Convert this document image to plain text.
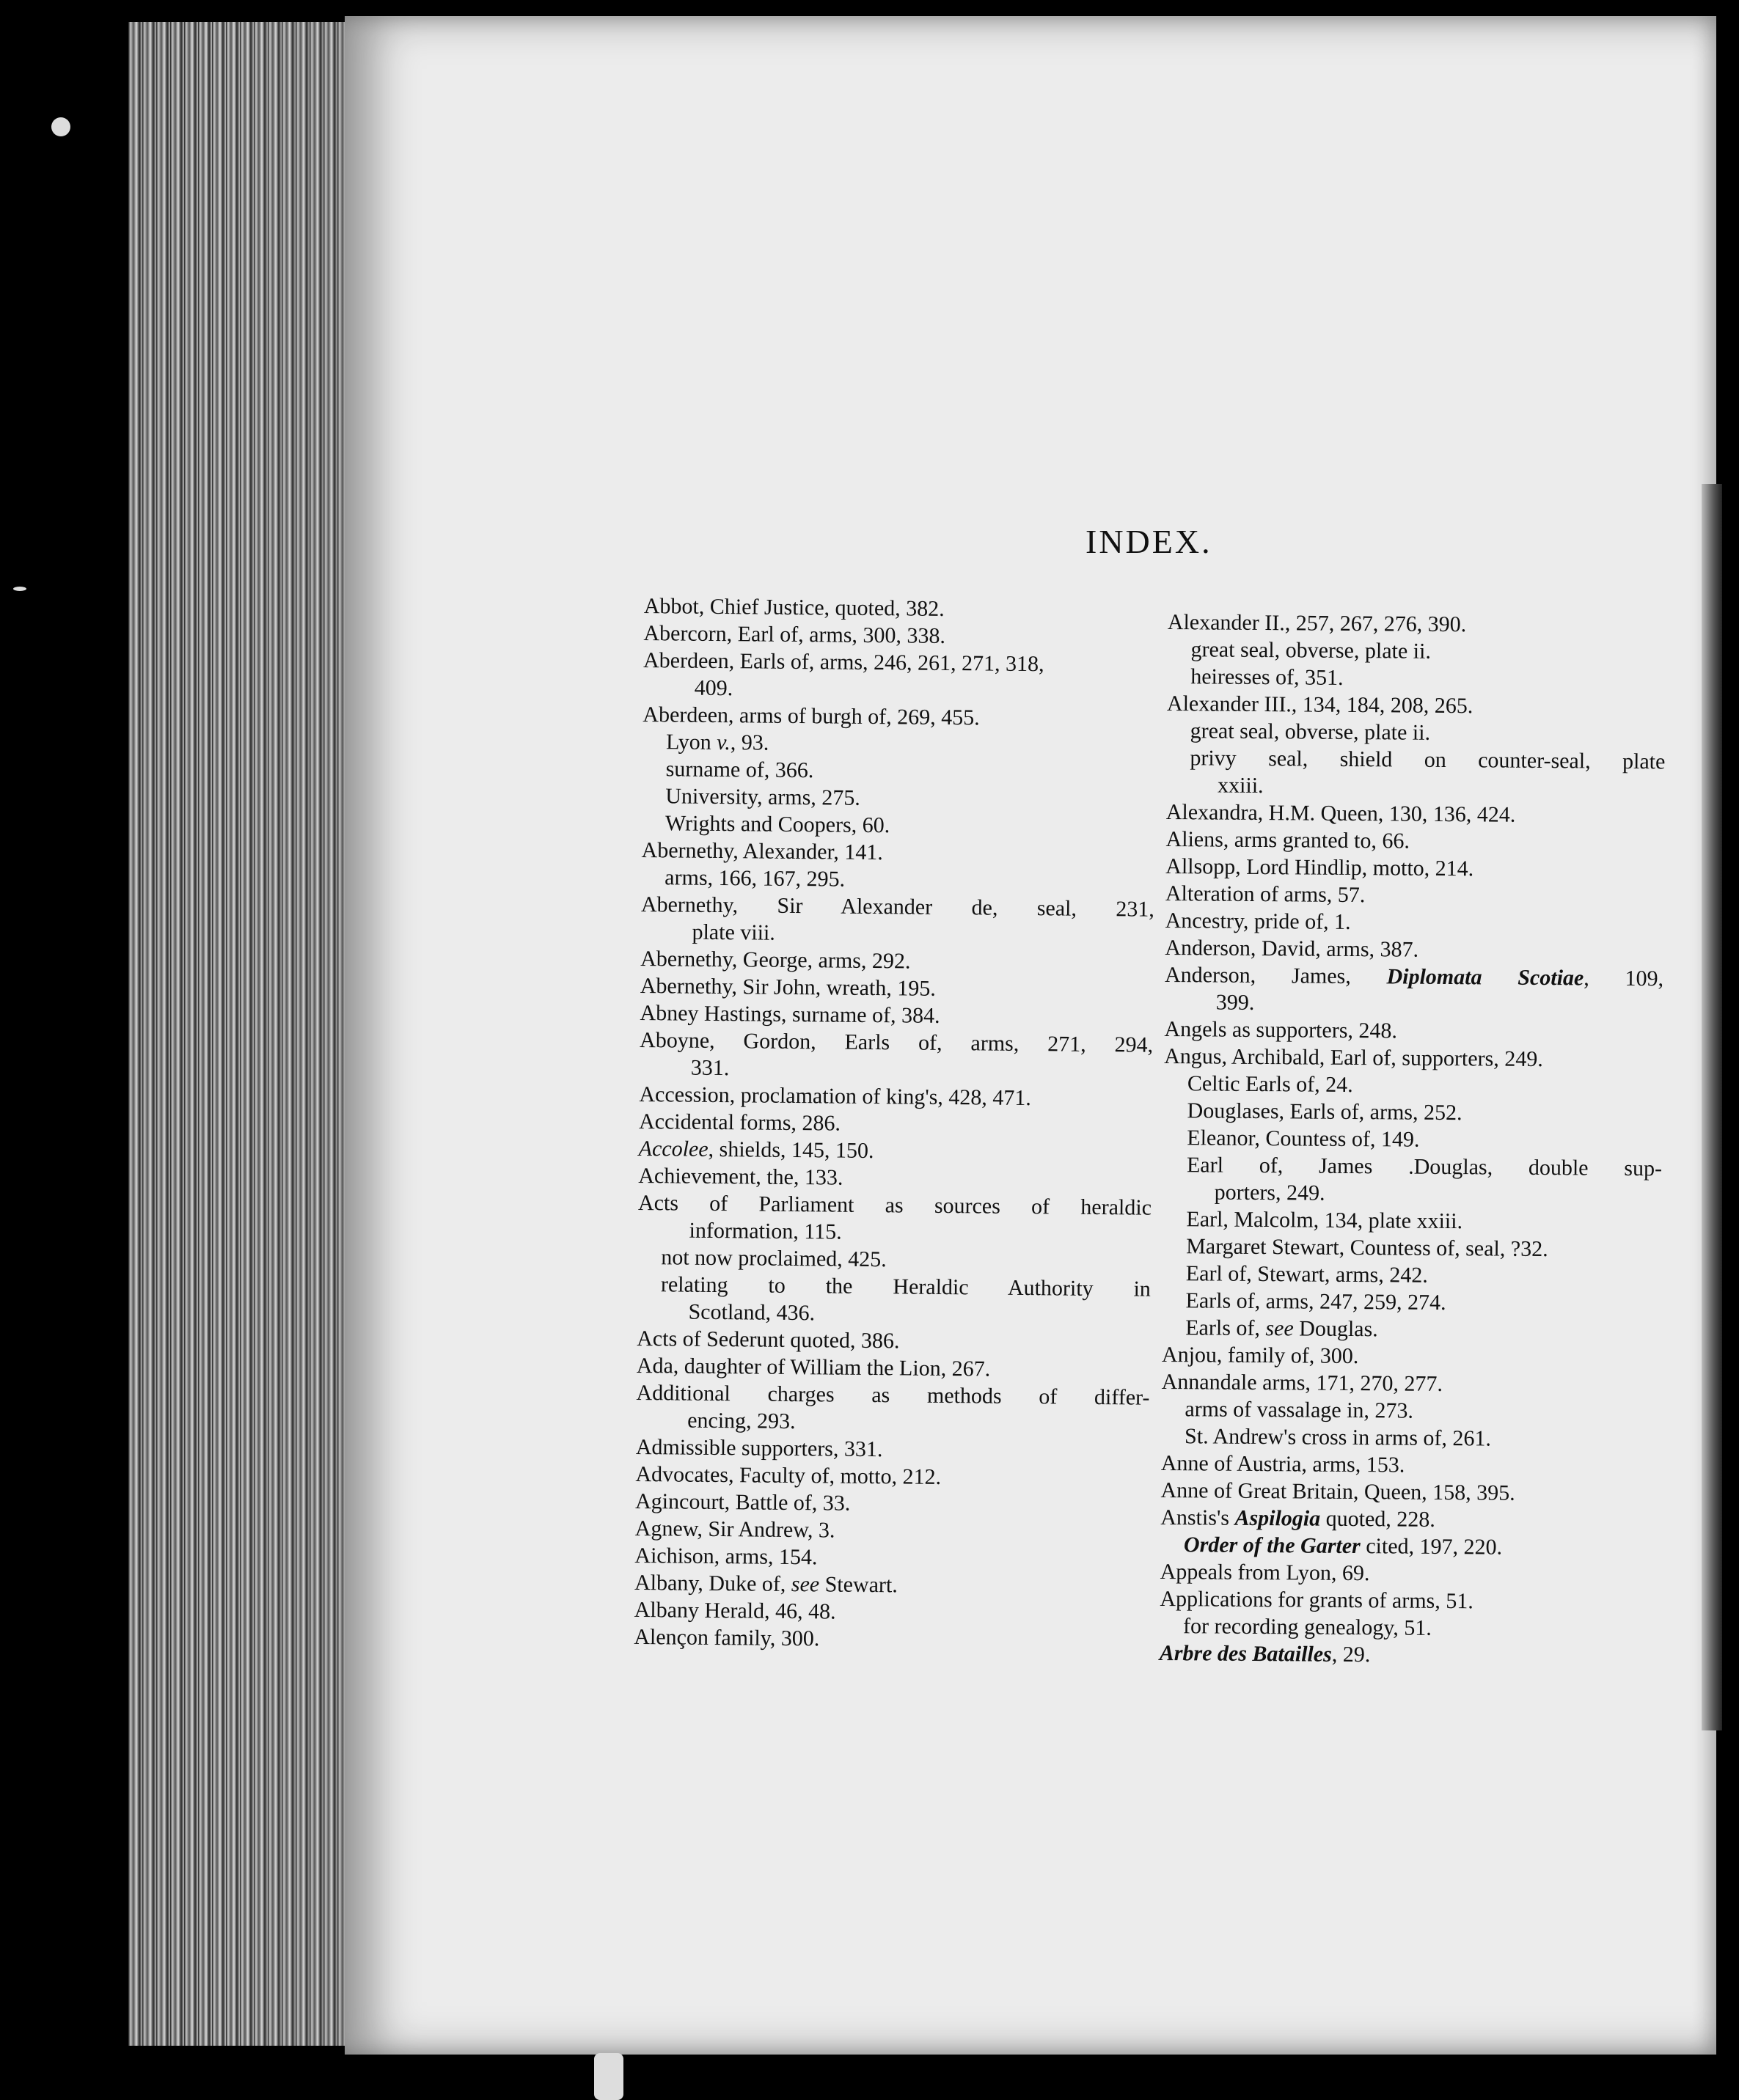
INDEX.
Abbot, Chief Justice, quoted, 382.
Abercorn, Earl of, arms, 300, 338.
Aberdeen, Earls of, arms, 246, 261, 271, 318,
409.
Aberdeen, arms of burgh of, 269, 455.
Lyon v., 93.
surname of, 366.
University, arms, 275.
Wrights and Coopers, 60.
Abernethy, Alexander, 141.
arms, 166, 167, 295.
Abernethy, Sir Alexander de, seal, 231,
plate viii.
Abernethy, George, arms, 292.
Abernethy, Sir John, wreath, 195.
Abney Hastings, surname of, 384.
Aboyne, Gordon, Earls of, arms, 271, 294,
331.
Accession, proclamation of king's, 428, 471.
Accidental forms, 286.
Accolee, shields, 145, 150.
Achievement, the, 133.
Acts of Parliament as sources of heraldic
information, 115.
not now proclaimed, 425.
relating to the Heraldic Authority in
Scotland, 436.
Acts of Sederunt quoted, 386.
Ada, daughter of William the Lion, 267.
Additional charges as methods of differ-
encing, 293.
Admissible supporters, 331.
Advocates, Faculty of, motto, 212.
Agincourt, Battle of, 33.
Agnew, Sir Andrew, 3.
Aichison, arms, 154.
Albany, Duke of, see Stewart.
Albany Herald, 46, 48.
Alençon family, 300.
Alexander II., 257, 267, 276, 390.
great seal, obverse, plate ii.
heiresses of, 351.
Alexander III., 134, 184, 208, 265.
great seal, obverse, plate ii.
privy seal, shield on counter-seal, plate
xxiii.
Alexandra, H.M. Queen, 130, 136, 424.
Aliens, arms granted to, 66.
Allsopp, Lord Hindlip, motto, 214.
Alteration of arms, 57.
Ancestry, pride of, 1.
Anderson, David, arms, 387.
Anderson, James, Diplomata Scotiae, 109,
399.
Angels as supporters, 248.
Angus, Archibald, Earl of, supporters, 249.
Celtic Earls of, 24.
Douglases, Earls of, arms, 252.
Eleanor, Countess of, 149.
Earl of, James .Douglas, double sup-
porters, 249.
Earl, Malcolm, 134, plate xxiii.
Margaret Stewart, Countess of, seal, ?32.
Earl of, Stewart, arms, 242.
Earls of, arms, 247, 259, 274.
Earls of, see Douglas.
Anjou, family of, 300.
Annandale arms, 171, 270, 277.
arms of vassalage in, 273.
St. Andrew's cross in arms of, 261.
Anne of Austria, arms, 153.
Anne of Great Britain, Queen, 158, 395.
Anstis's Aspilogia quoted, 228.
Order of the Garter cited, 197, 220.
Appeals from Lyon, 69.
Applications for grants of arms, 51.
for recording genealogy, 51.
Arbre des Batailles, 29.
